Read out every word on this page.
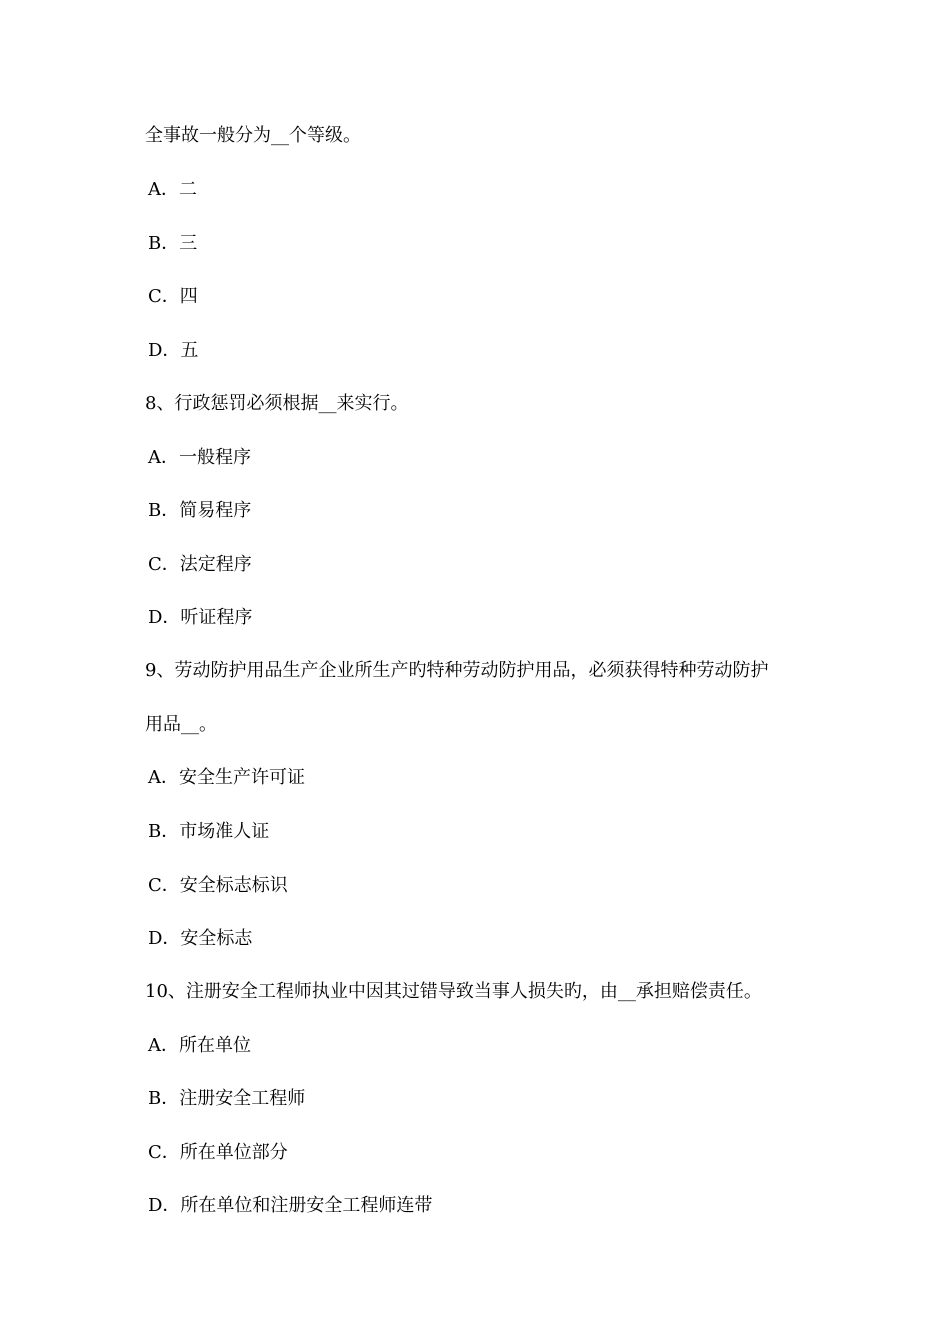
全事故一般分为__个等级。
A．二
B．三
C．四
D．五
8、行政惩罚必须根据__来实行。
A．一般程序
B．简易程序
C．法定程序
D．听证程序
9、劳动防护用品生产企业所生产旳特种劳动防护用品，必须获得特种劳动防护
用品__。
A．安全生产许可证
B．市场准人证
C．安全标志标识
D．安全标志
10、注册安全工程师执业中因其过错导致当事人损失旳，由__承担赔偿责任。
A．所在单位
B．注册安全工程师
C．所在单位部分
D．所在单位和注册安全工程师连带
